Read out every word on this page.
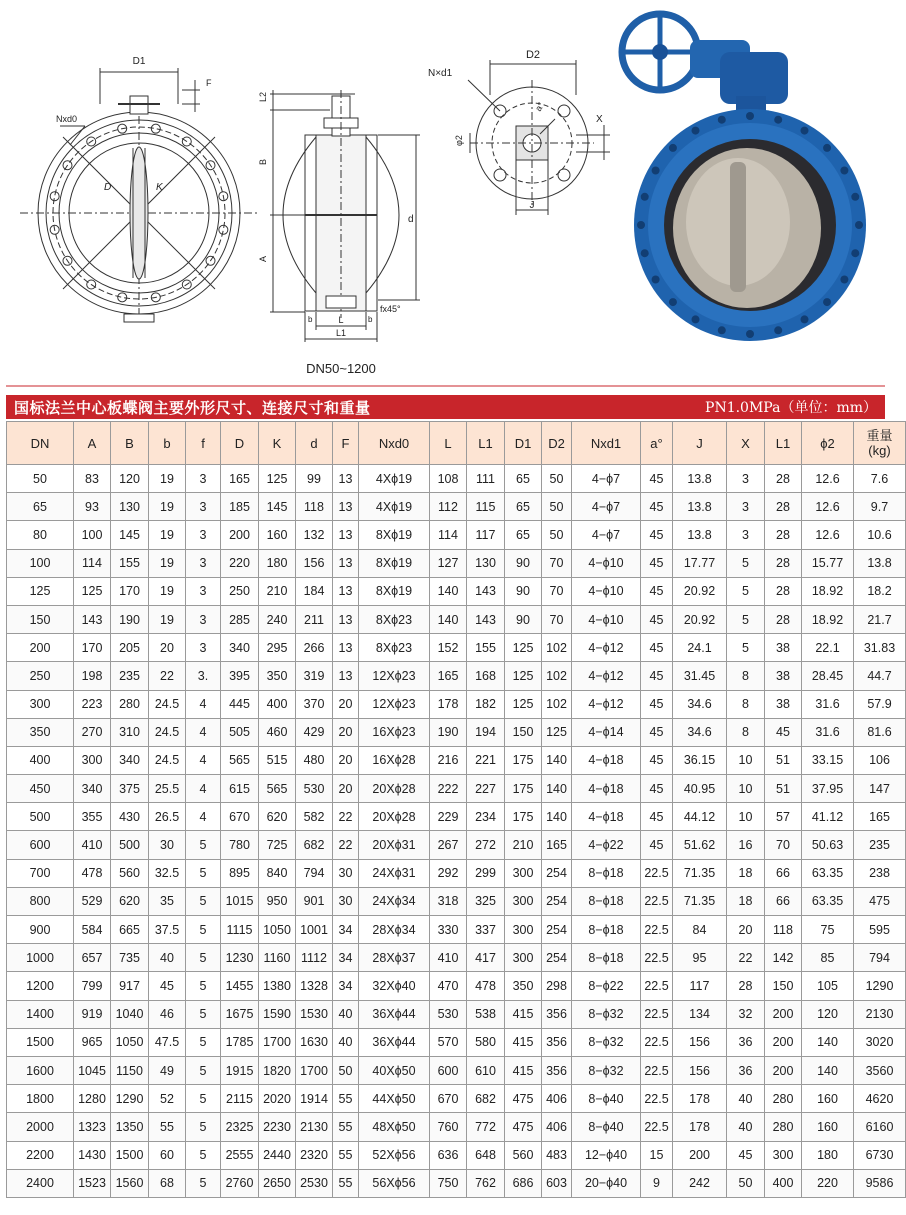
D1
F
Nxd0
D	K
L2
B
A
d
b	b
L
L1
fx45°
DN50~1200
D2
N×d1
a°
φ2
X
J
国标法兰中心板蝶阀主要外形尺寸、连接尺寸和重量	PN1.0MPa（单位：mm）
DN	A	B	b	f	D	K	d	F	Nxd0	L	L1	D1	D2	Nxd1	a°	J	X	L1	ϕ2	重量
(kg)
50	83	120	19	3	165	125	99	13	4Xϕ19	108	111	65	50	4−ϕ7	45	13.8	3	28	12.6	7.6
65	93	130	19	3	185	145	118	13	4Xϕ19	112	115	65	50	4−ϕ7	45	13.8	3	28	12.6	9.7
80	100	145	19	3	200	160	132	13	8Xϕ19	114	117	65	50	4−ϕ7	45	13.8	3	28	12.6	10.6
100	114	155	19	3	220	180	156	13	8Xϕ19	127	130	90	70	4−ϕ10	45	17.77	5	28	15.77	13.8
125	125	170	19	3	250	210	184	13	8Xϕ19	140	143	90	70	4−ϕ10	45	20.92	5	28	18.92	18.2
150	143	190	19	3	285	240	211	13	8Xϕ23	140	143	90	70	4−ϕ10	45	20.92	5	28	18.92	21.7
200	170	205	20	3	340	295	266	13	8Xϕ23	152	155	125	102	4−ϕ12	45	24.1	5	38	22.1	31.83
250	198	235	22	3.	395	350	319	13	12Xϕ23	165	168	125	102	4−ϕ12	45	31.45	8	38	28.45	44.7
300	223	280	24.5	4	445	400	370	20	12Xϕ23	178	182	125	102	4−ϕ12	45	34.6	8	38	31.6	57.9
350	270	310	24.5	4	505	460	429	20	16Xϕ23	190	194	150	125	4−ϕ14	45	34.6	8	45	31.6	81.6
400	300	340	24.5	4	565	515	480	20	16Xϕ28	216	221	175	140	4−ϕ18	45	36.15	10	51	33.15	106
450	340	375	25.5	4	615	565	530	20	20Xϕ28	222	227	175	140	4−ϕ18	45	40.95	10	51	37.95	147
500	355	430	26.5	4	670	620	582	22	20Xϕ28	229	234	175	140	4−ϕ18	45	44.12	10	57	41.12	165
600	410	500	30	5	780	725	682	22	20Xϕ31	267	272	210	165	4−ϕ22	45	51.62	16	70	50.63	235
700	478	560	32.5	5	895	840	794	30	24Xϕ31	292	299	300	254	8−ϕ18	22.5	71.35	18	66	63.35	238
800	529	620	35	5	1015	950	901	30	24Xϕ34	318	325	300	254	8−ϕ18	22.5	71.35	18	66	63.35	475
900	584	665	37.5	5	1115	1050	1001	34	28Xϕ34	330	337	300	254	8−ϕ18	22.5	84	20	118	75	595
1000	657	735	40	5	1230	1160	1112	34	28Xϕ37	410	417	300	254	8−ϕ18	22.5	95	22	142	85	794
1200	799	917	45	5	1455	1380	1328	34	32Xϕ40	470	478	350	298	8−ϕ22	22.5	117	28	150	105	1290
1400	919	1040	46	5	1675	1590	1530	40	36Xϕ44	530	538	415	356	8−ϕ32	22.5	134	32	200	120	2130
1500	965	1050	47.5	5	1785	1700	1630	40	36Xϕ44	570	580	415	356	8−ϕ32	22.5	156	36	200	140	3020
1600	1045	1150	49	5	1915	1820	1700	50	40Xϕ50	600	610	415	356	8−ϕ32	22.5	156	36	200	140	3560
1800	1280	1290	52	5	2115	2020	1914	55	44Xϕ50	670	682	475	406	8−ϕ40	22.5	178	40	280	160	4620
2000	1323	1350	55	5	2325	2230	2130	55	48Xϕ50	760	772	475	406	8−ϕ40	22.5	178	40	280	160	6160
2200	1430	1500	60	5	2555	2440	2320	55	52Xϕ56	636	648	560	483	12−ϕ40	15	200	45	300	180	6730
2400	1523	1560	68	5	2760	2650	2530	55	56Xϕ56	750	762	686	603	20−ϕ40	9	242	50	400	220	9586
